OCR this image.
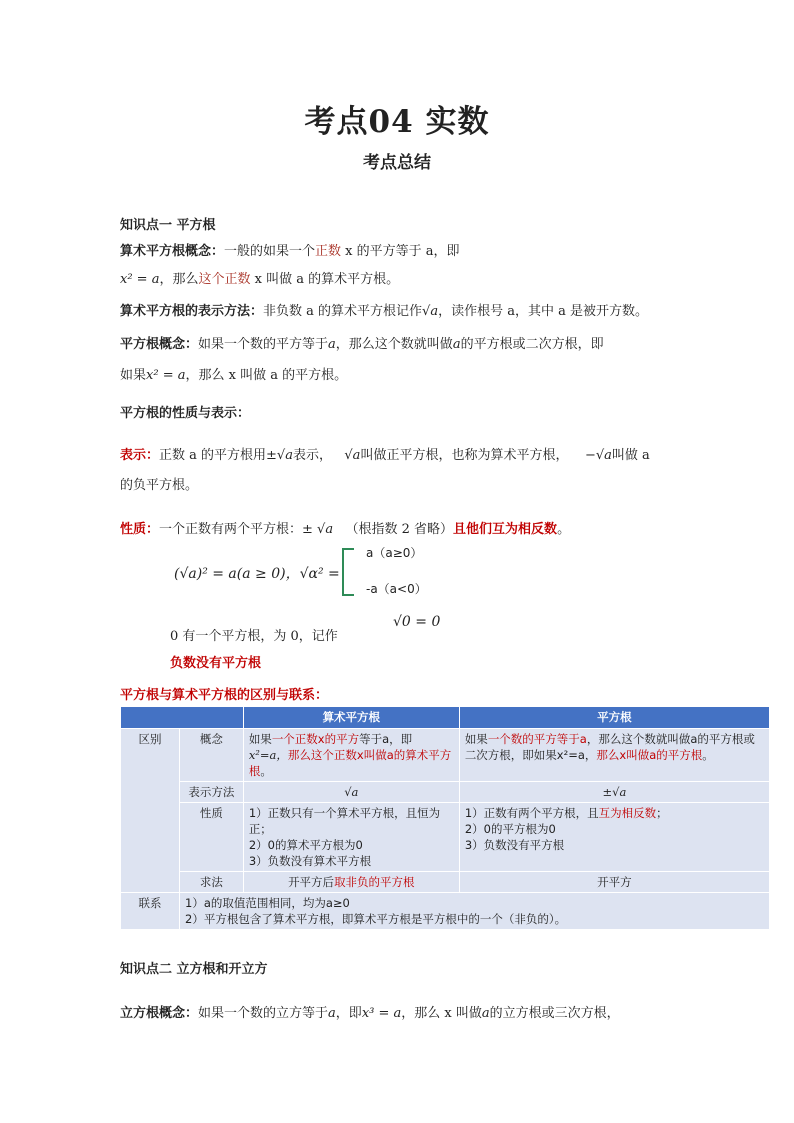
考点04 实数
考点总结
知识点一 平方根
算术平方根概念：一般的如果一个正数 x 的平方等于 a，即
x² = a，那么这个正数 x 叫做 a 的算术平方根。
算术平方根的表示方法：非负数 a 的算术平方根记作√a，读作根号 a，其中 a 是被开方数。
平方根概念：如果一个数的平方等于a，那么这个数就叫做a的平方根或二次方根，即
如果x² = a，那么 x 叫做 a 的平方根。
平方根的性质与表示：
表示：正数 a 的平方根用±√a表示， √a叫做正平方根，也称为算术平方根， −√a叫做 a
的负平方根。
性质：一个正数有两个平方根：± √a （根指数 2 省略）且他们互为相反数。
(√a)² = a(a ≥ 0)，√α² =
a（a≥0）
-a（a<0）
0 有一个平方根，为 0，记作
√0 = 0
负数没有平方根
平方根与算术平方根的区别与联系：
		算术平方根	平方根
区别	概念	如果一个正数x的平方等于a，即
x²=a，那么这个正数x叫做a的算术平方根。	如果一个数的平方等于a，那么这个数就叫做a的平方根或二次方根，即如果x²=a，那么x叫做a的平方根。
	表示方法	√a	±√a
	性质	1）正数只有一个算术平方根，且恒为正；
2）0的算术平方根为0
3）负数没有算术平方根	1）正数有两个平方根，且互为相反数；
2）0的平方根为0
3）负数没有平方根
	求法	开平方后取非负的平方根	开平方
联系	1）a的取值范围相同，均为a≥0
2）平方根包含了算术平方根，即算术平方根是平方根中的一个（非负的）。		
知识点二 立方根和开立方
立方根概念：如果一个数的立方等于a，即x³ = a，那么 x 叫做a的立方根或三次方根，
